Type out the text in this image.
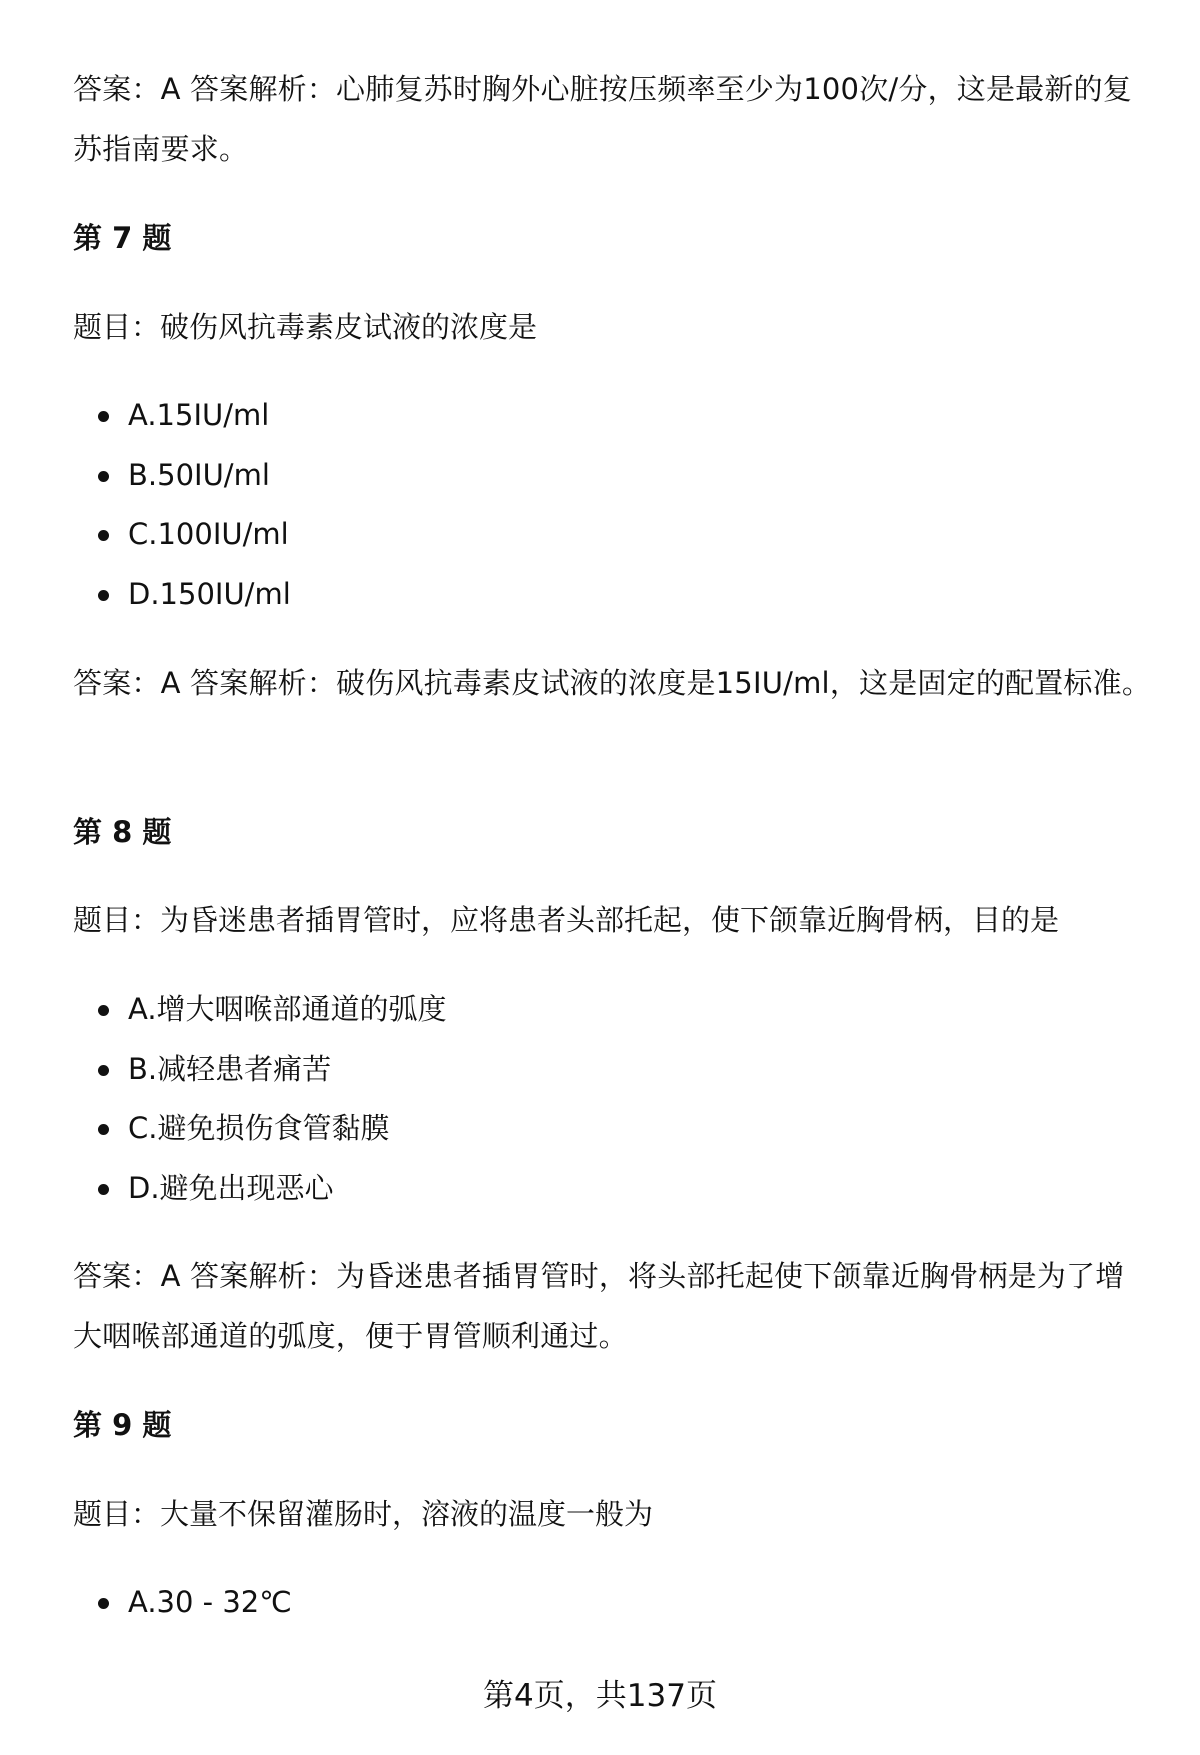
答案：A 答案解析：心肺复苏时胸外心脏按压频率至少为100次/分，这是最新的复苏指南要求。
第 7 题
题目：破伤风抗毒素皮试液的浓度是
A.15IU/ml
B.50IU/ml
C.100IU/ml
D.150IU/ml
答案：A 答案解析：破伤风抗毒素皮试液的浓度是15IU/ml，这是固定的配置标准。
第 8 题
题目：为昏迷患者插胃管时，应将患者头部托起，使下颌靠近胸骨柄，目的是
A.增大咽喉部通道的弧度
B.减轻患者痛苦
C.避免损伤食管黏膜
D.避免出现恶心
答案：A 答案解析：为昏迷患者插胃管时，将头部托起使下颌靠近胸骨柄是为了增大咽喉部通道的弧度，便于胃管顺利通过。
第 9 题
题目：大量不保留灌肠时，溶液的温度一般为
A.30 - 32℃
第4页，共137页
